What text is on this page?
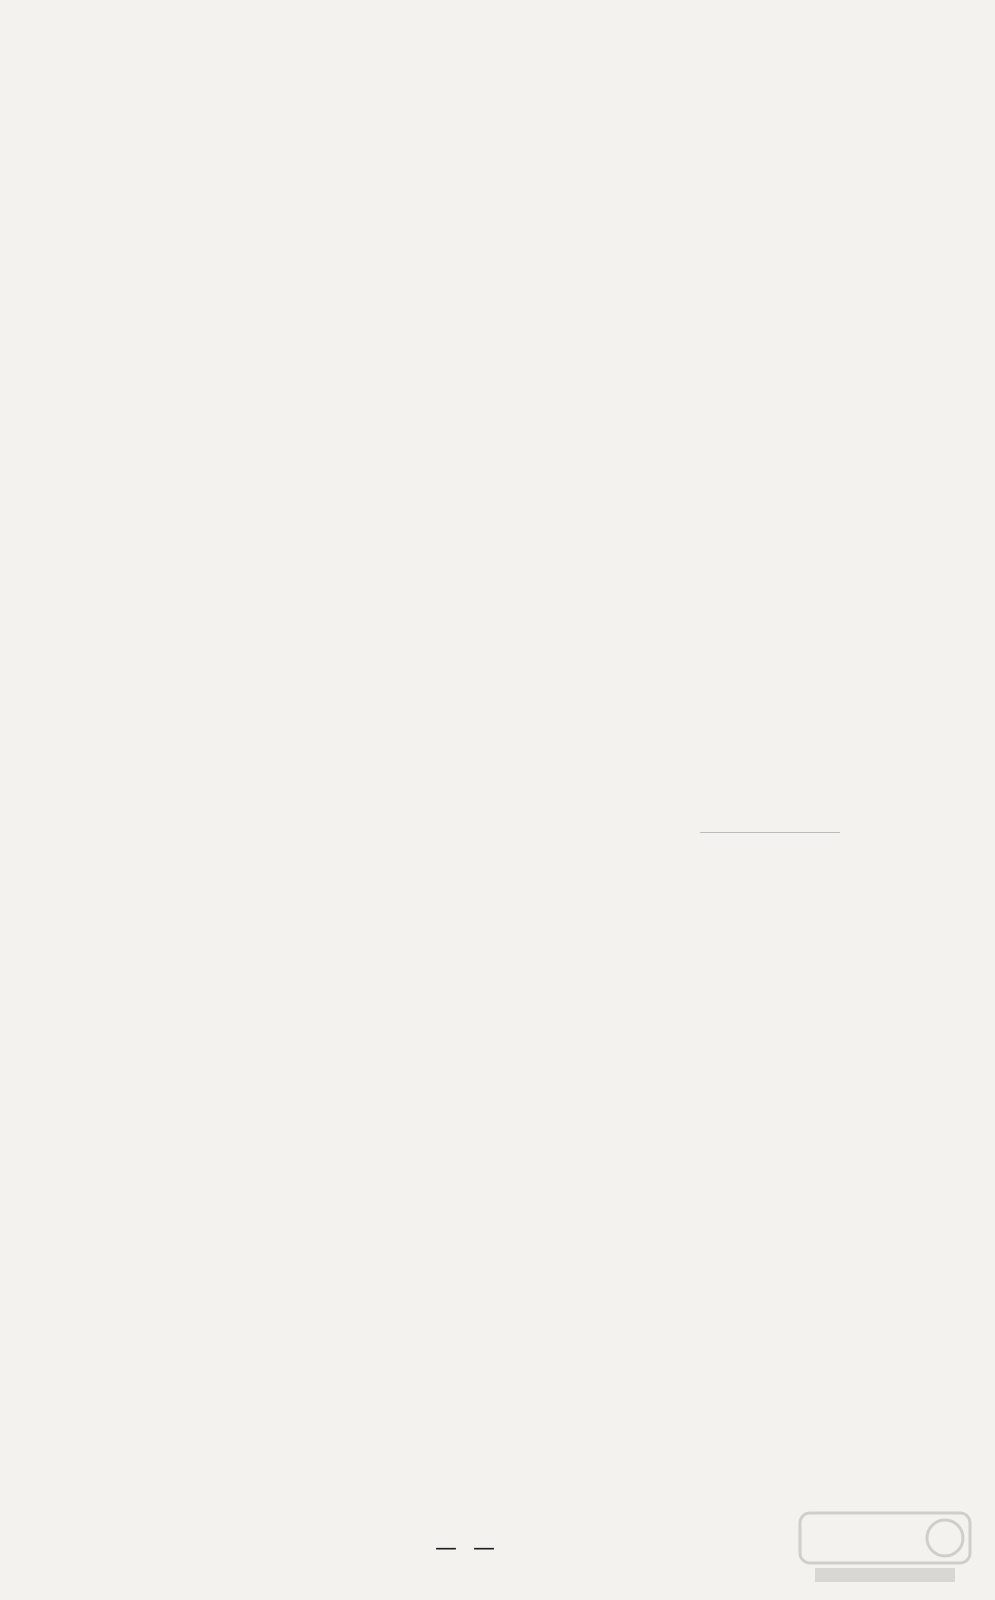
— —
